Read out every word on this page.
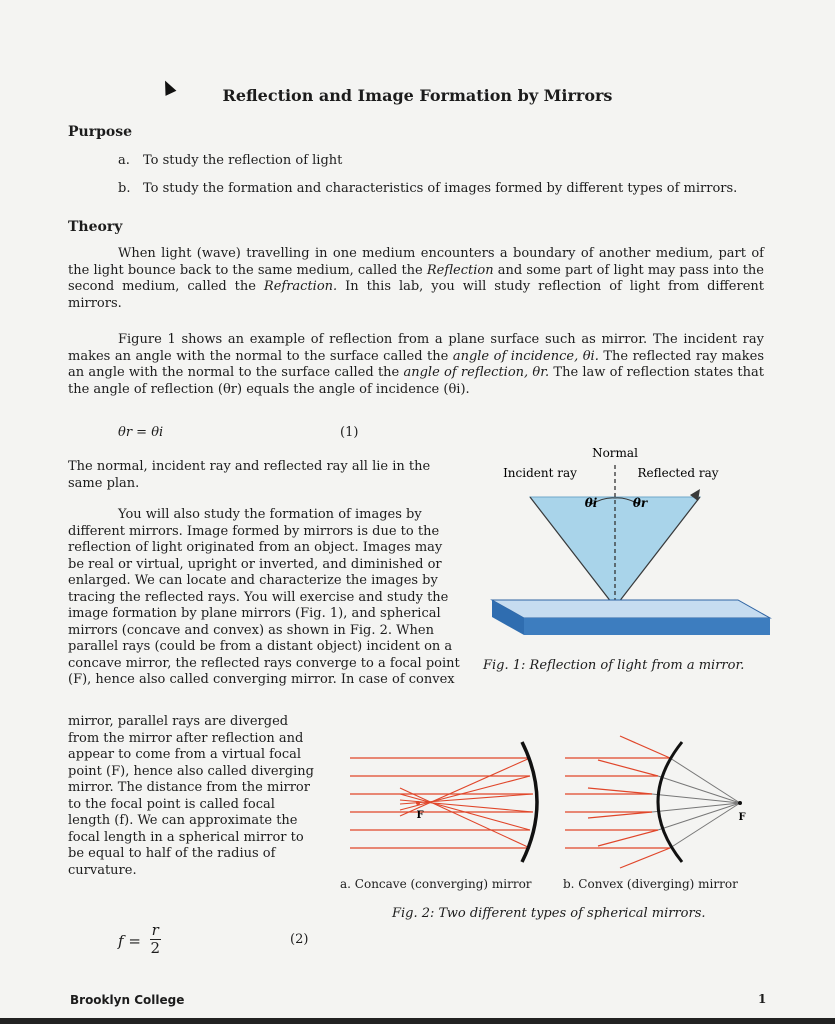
Reflection and Image Formation by Mirrors
Purpose
a. To study the reflection of light
b. To study the formation and characteristics of images formed by different types of mirrors.
Theory
When light (wave) travelling in one medium encounters a boundary of another medium, part of the light bounce back to the same medium, called the Reflection and some part of light may pass into the second medium, called the Refraction. In this lab, you will study reflection of light from different mirrors.
Figure 1 shows an example of reflection from a plane surface such as mirror. The incident ray makes an angle with the normal to the surface called the angle of incidence, θi. The reflected ray makes an angle with the normal to the surface called the angle of reflection, θr. The law of reflection states that the angle of reflection (θr) equals the angle of incidence (θi).
θr = θi	(1)
The normal, incident ray and reflected ray all lie in the same plan.
You will also study the formation of images by different mirrors. Image formed by mirrors is due to the reflection of light originated from an object. Images may be real or virtual, upright or inverted, and diminished or enlarged. We can locate and characterize the images by tracing the reflected rays. You will exercise and study the image formation by plane mirrors (Fig. 1), and spherical mirrors (concave and convex) as shown in Fig. 2. When parallel rays (could be from a distant object) incident on a concave mirror, the reflected rays converge to a focal point (F), hence also called converging mirror. In case of convex
mirror, parallel rays are diverged from the mirror after reflection and appear to come from a virtual focal point (F), hence also called diverging mirror. The distance from the mirror to the focal point is called focal length (f). We can approximate the focal length in a spherical mirror to be equal to half of the radius of curvature.
$f = \frac{r}{2}$	(2)
Normal
Incident ray	Reflected ray
θi	θr
Fig. 1: Reflection of light from a mirror.
F	F
a. Concave (converging) mirror	b. Convex (diverging) mirror
Fig. 2: Two different types of spherical mirrors.
Brooklyn College	1
